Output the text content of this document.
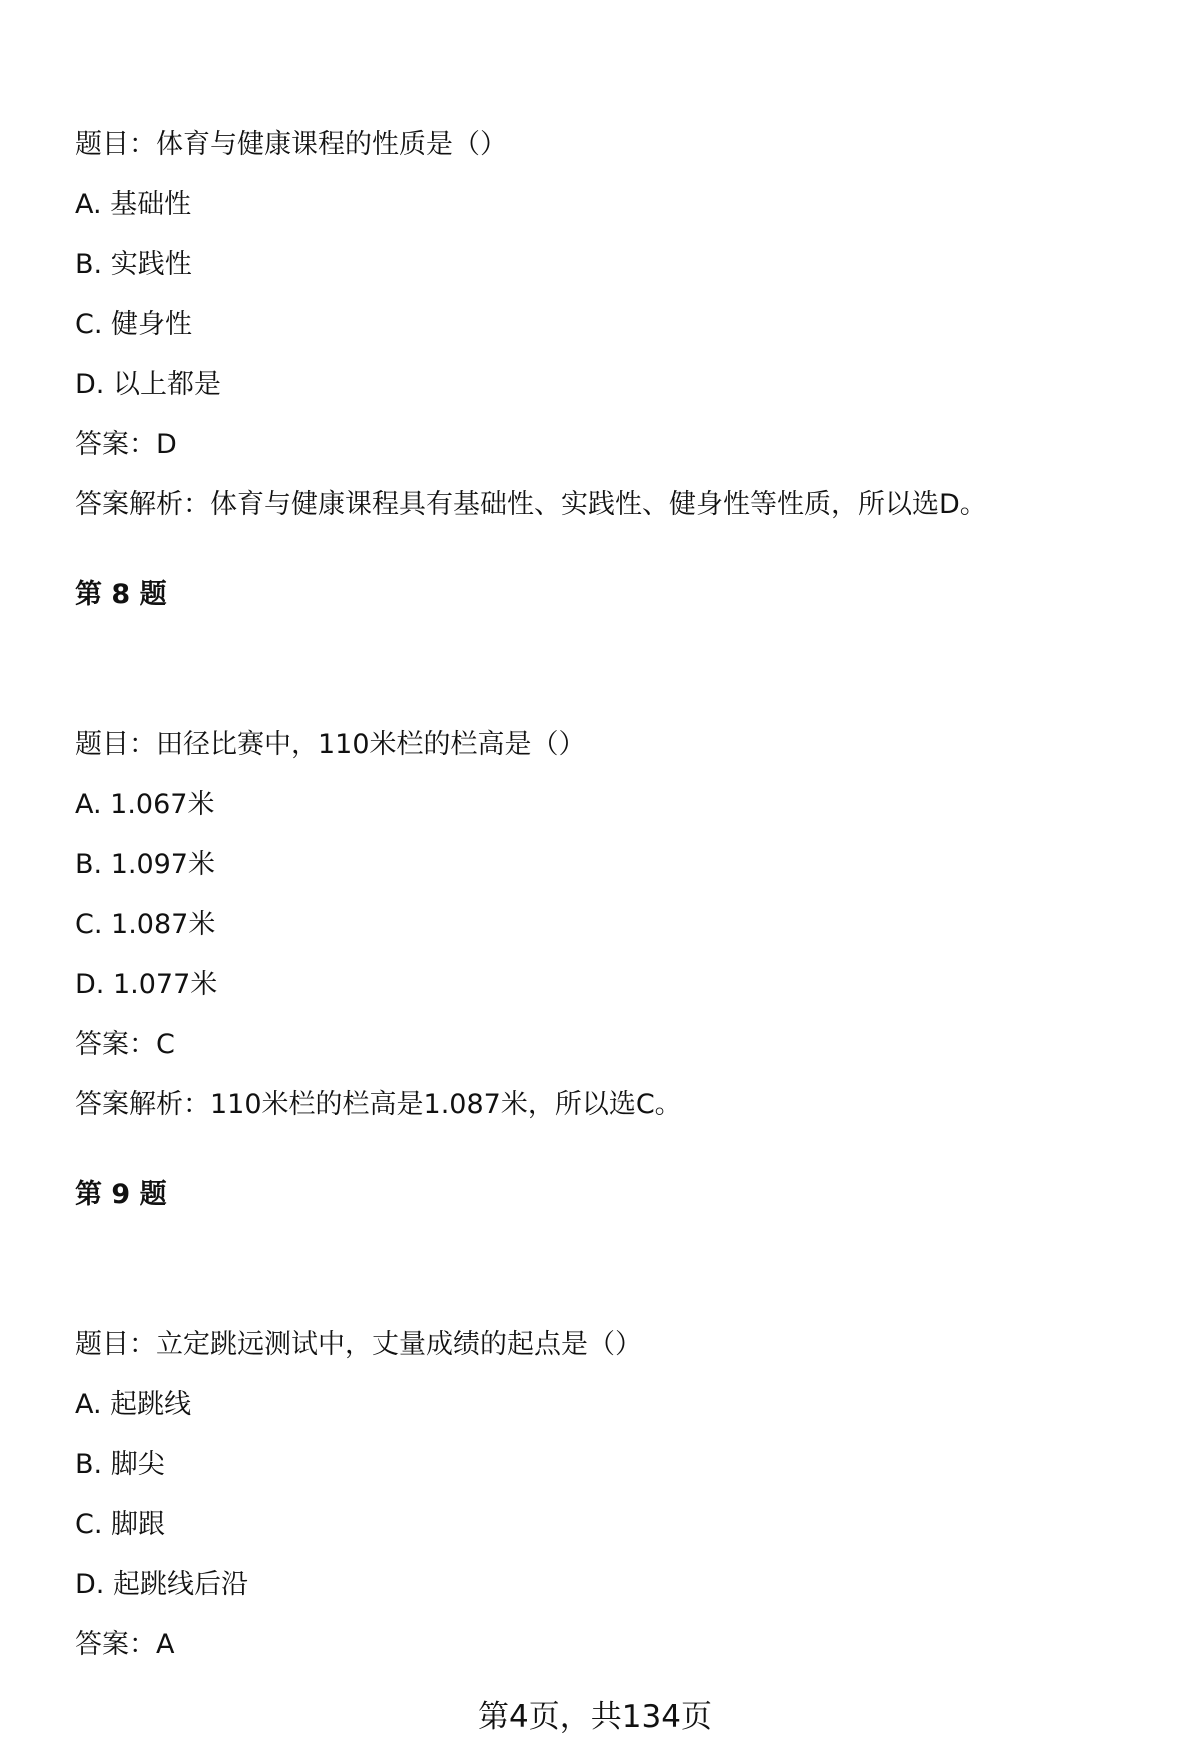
题目：体育与健康课程的性质是（）
A. 基础性
B. 实践性
C. 健身性
D. 以上都是
答案：D
答案解析：体育与健康课程具有基础性、实践性、健身性等性质，所以选D。
第 8 题
题目：田径比赛中，110米栏的栏高是（）
A. 1.067米
B. 1.097米
C. 1.087米
D. 1.077米
答案：C
答案解析：110米栏的栏高是1.087米，所以选C。
第 9 题
题目：立定跳远测试中，丈量成绩的起点是（）
A. 起跳线
B. 脚尖
C. 脚跟
D. 起跳线后沿
答案：A
第4页，共134页
